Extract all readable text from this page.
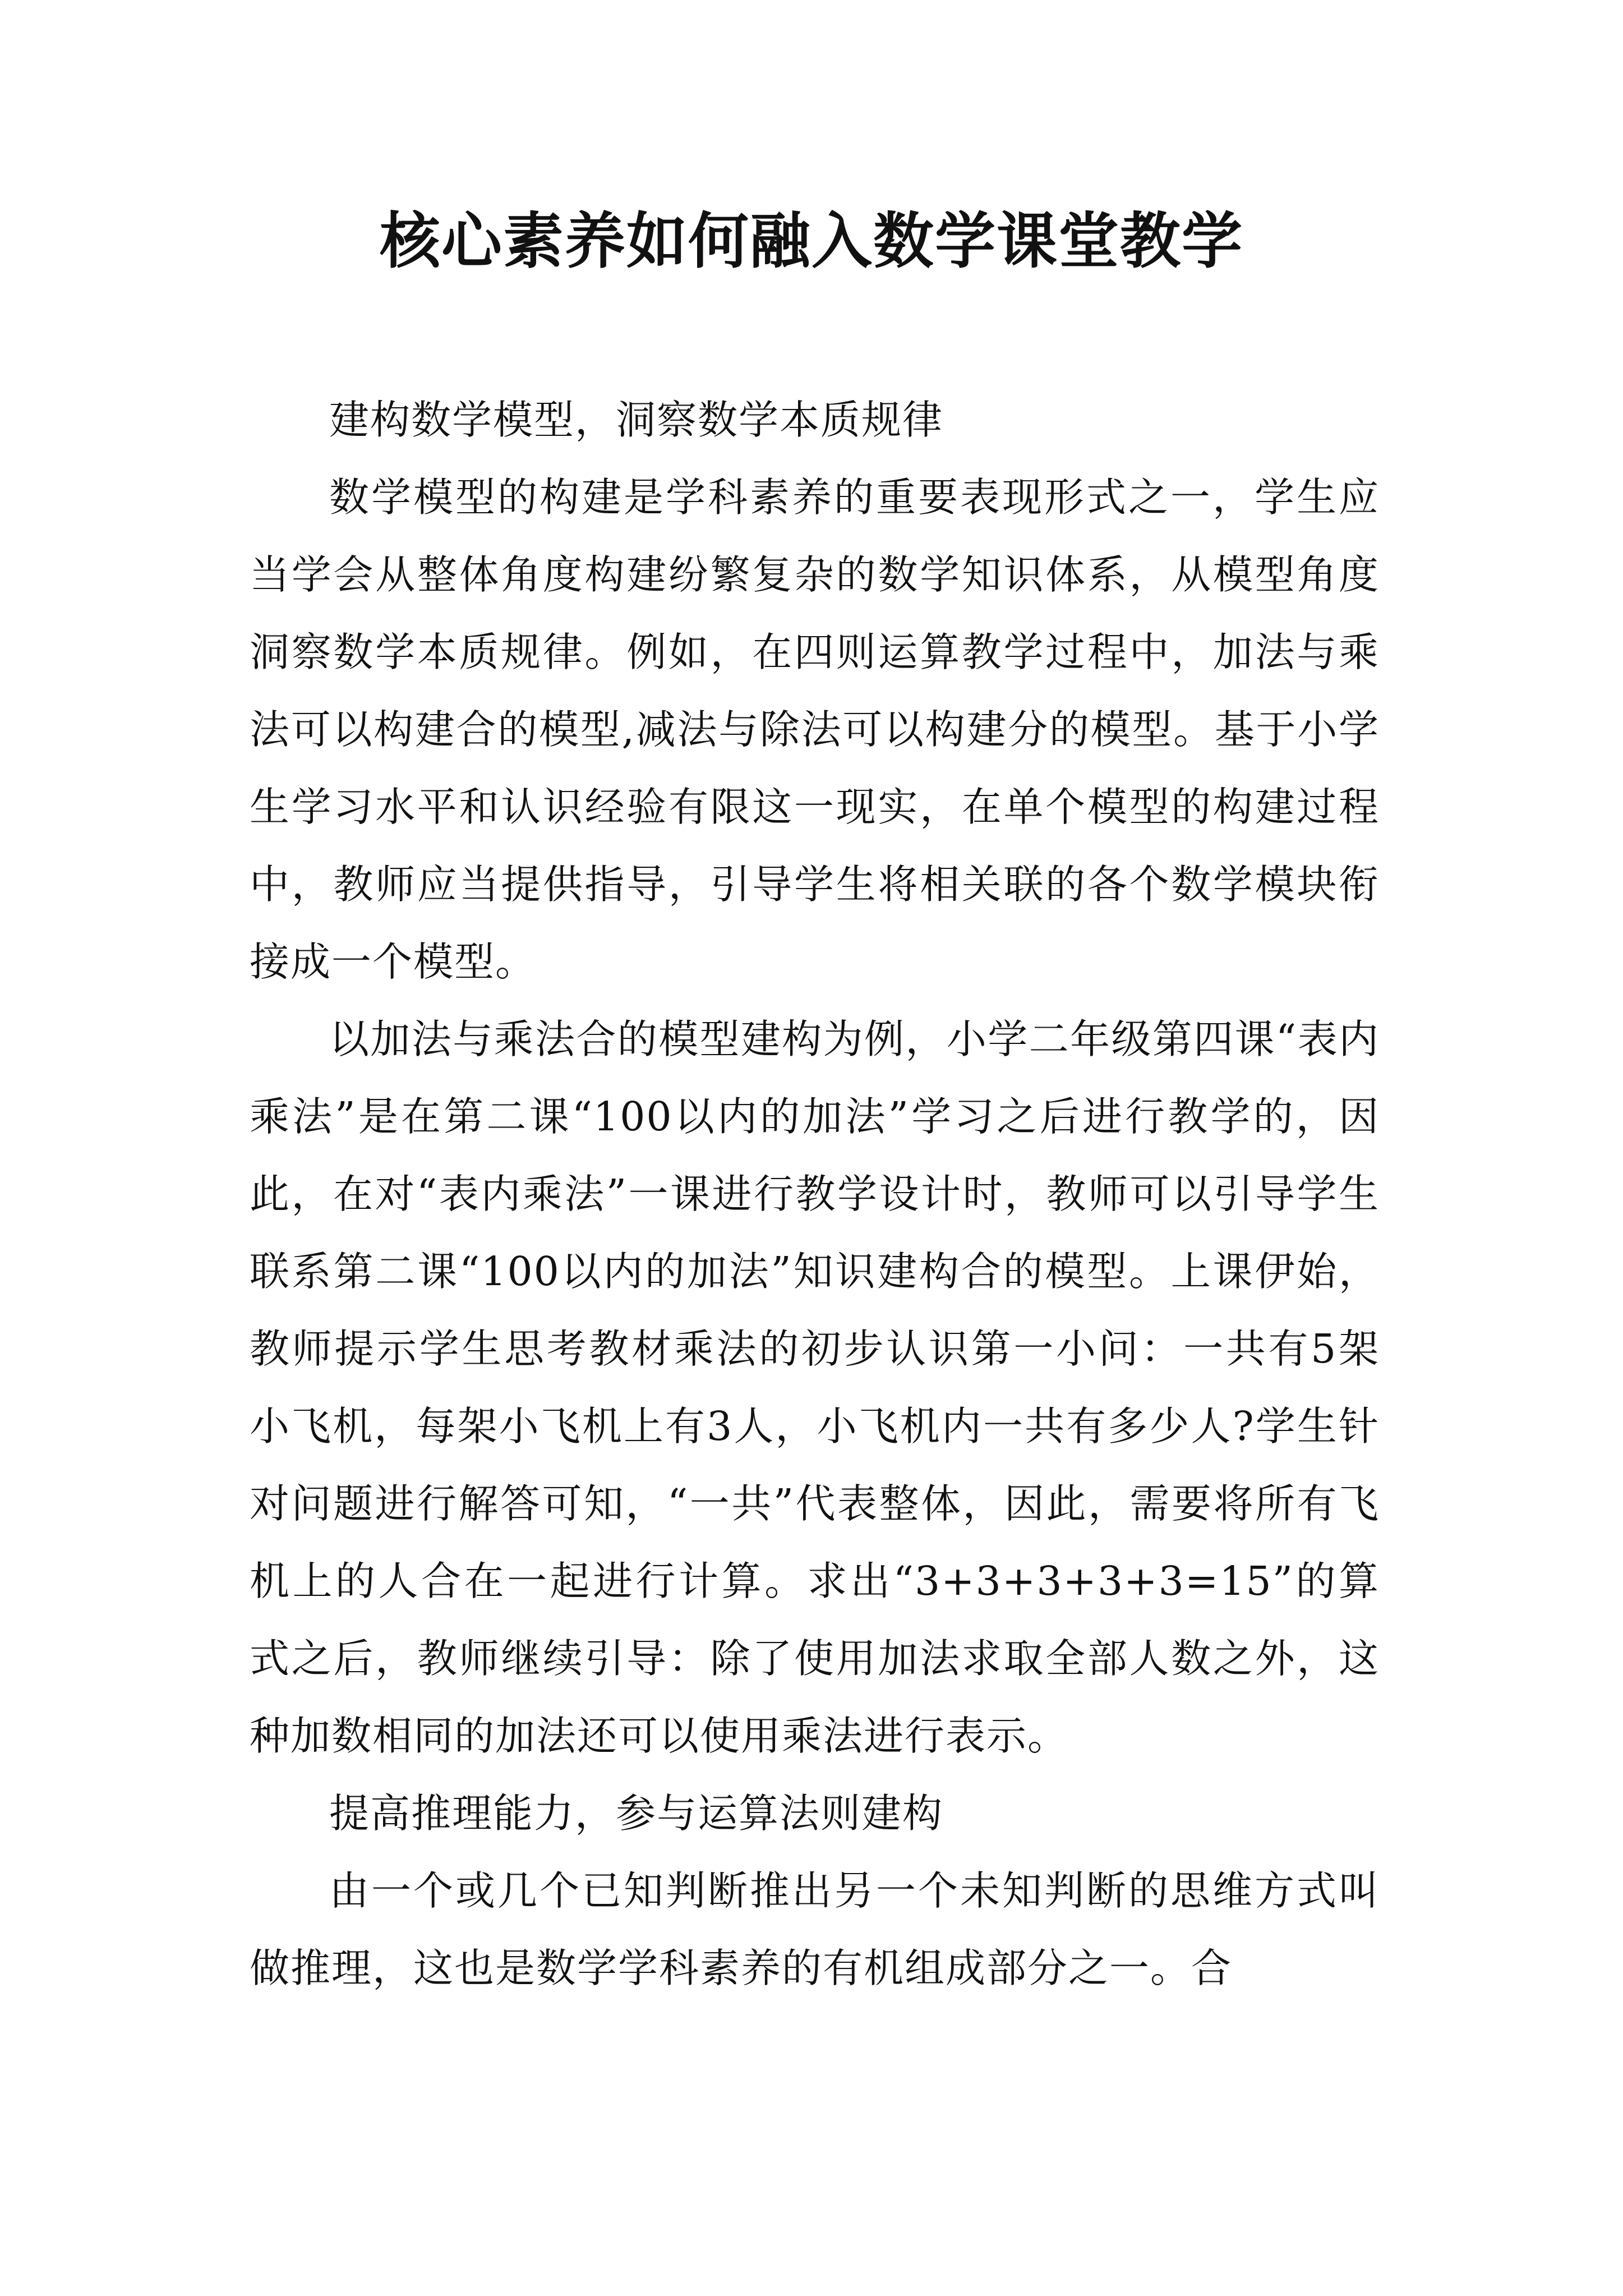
核心素养如何融入数学课堂教学

建构数学模型，洞察数学本质规律

数学模型的构建是学科素养的重要表现形式之一，学生应当学会从整体角度构建纷繁复杂的数学知识体系，从模型角度洞察数学本质规律。例如，在四则运算教学过程中，加法与乘法可以构建合的模型,减法与除法可以构建分的模型。基于小学生学习水平和认识经验有限这一现实，在单个模型的构建过程中，教师应当提供指导，引导学生将相关联的各个数学模块衔接成一个模型。

以加法与乘法合的模型建构为例，小学二年级第四课“表内乘法”是在第二课“100以内的加法”学习之后进行教学的，因此，在对“表内乘法”一课进行教学设计时，教师可以引导学生联系第二课“100以内的加法”知识建构合的模型。上课伊始，教师提示学生思考教材乘法的初步认识第一小问：一共有5架小飞机，每架小飞机上有3人，小飞机内一共有多少人?学生针对问题进行解答可知，“一共”代表整体，因此，需要将所有飞机上的人合在一起进行计算。求出“3+3+3+3+3=15”的算式之后，教师继续引导：除了使用加法求取全部人数之外，这种加数相同的加法还可以使用乘法进行表示。

提高推理能力，参与运算法则建构

由一个或几个已知判断推出另一个未知判断的思维方式叫做推理，这也是数学学科素养的有机组成部分之一。合
